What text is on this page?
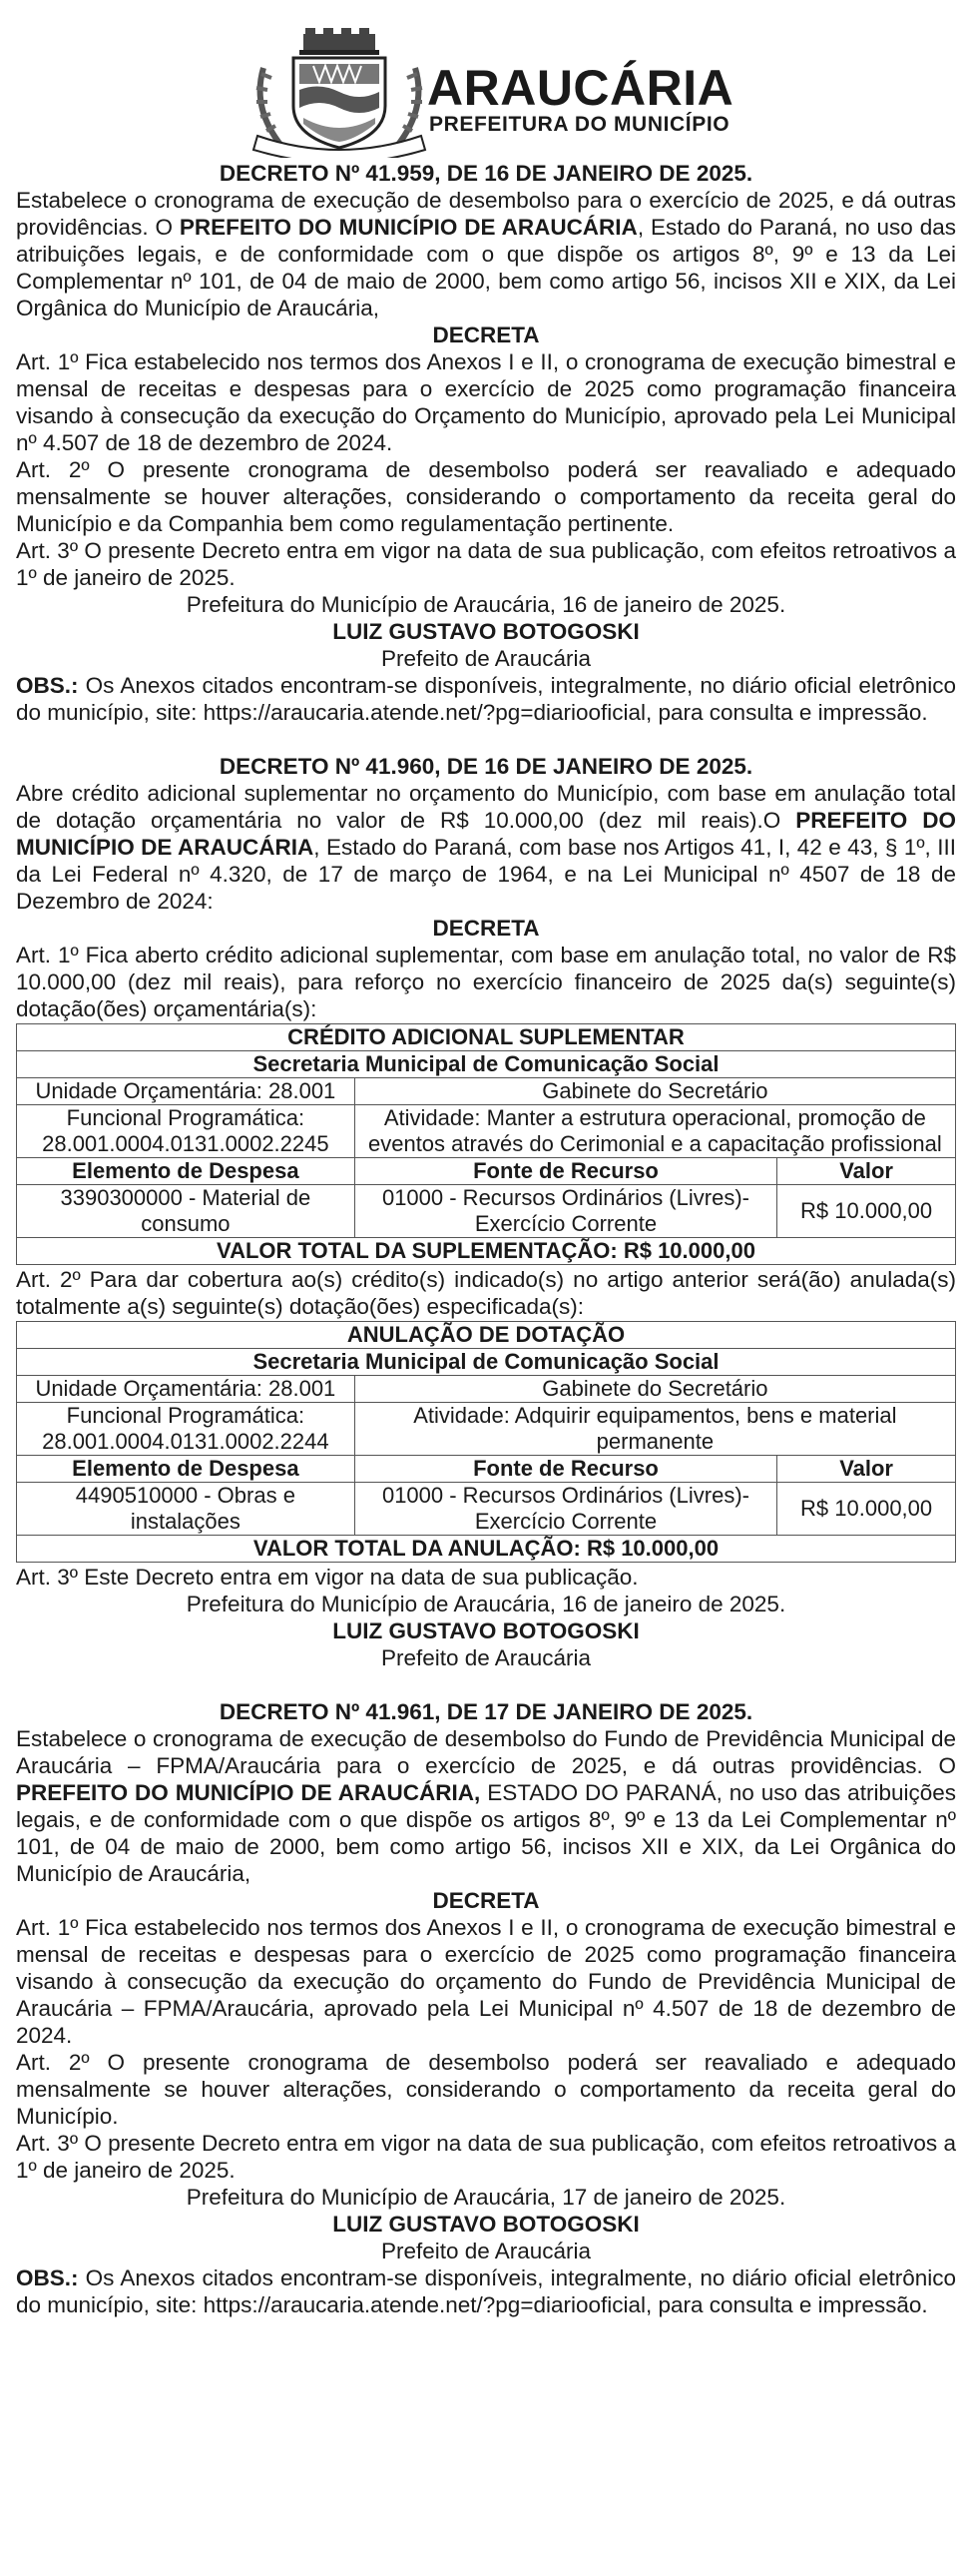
ARAUCÁRIA
PREFEITURA DO MUNICÍPIO

DECRETO Nº 41.959, DE 16 DE JANEIRO DE 2025.

Estabelece o cronograma de execução de desembolso para o exercício de 2025, e dá outras providências. O PREFEITO DO MUNICÍPIO DE ARAUCÁRIA, Estado do Paraná, no uso das atribuições legais, e de conformidade com o que dispõe os artigos 8º, 9º e 13 da Lei Complementar nº 101, de 04 de maio de 2000, bem como artigo 56, incisos XII e XIX, da Lei Orgânica do Município de Araucária,

DECRETA

Art. 1º Fica estabelecido nos termos dos Anexos I e II, o cronograma de execução bimestral e mensal de receitas e despesas para o exercício de 2025 como programação financeira visando à consecução da execução do Orçamento do Município, aprovado pela Lei Municipal nº 4.507 de 18 de dezembro de 2024.

Art. 2º O presente cronograma de desembolso poderá ser reavaliado e adequado mensalmente se houver alterações, considerando o comportamento da receita geral do Município e da Companhia bem como regulamentação pertinente.

Art. 3º O presente Decreto entra em vigor na data de sua publicação, com efeitos retroativos a 1º de janeiro de 2025.

Prefeitura do Município de Araucária, 16 de janeiro de 2025.

LUIZ GUSTAVO BOTOGOSKI

Prefeito de Araucária

OBS.: Os Anexos citados encontram-se disponíveis, integralmente, no diário oficial eletrônico do município, site: https://araucaria.atende.net/?pg=diariooficial, para consulta e impressão.

DECRETO Nº 41.960, DE 16 DE JANEIRO DE 2025.

Abre crédito adicional suplementar no orçamento do Município, com base em anulação total de dotação orçamentária no valor de R$ 10.000,00 (dez mil reais).O PREFEITO DO MUNICÍPIO DE ARAUCÁRIA, Estado do Paraná, com base nos Artigos 41, I, 42 e 43, § 1º, III da Lei Federal nº 4.320, de 17 de março de 1964, e na Lei Municipal nº 4507 de 18 de Dezembro de 2024:

DECRETA

Art. 1º Fica aberto crédito adicional suplementar, com base em anulação total, no valor de R$ 10.000,00 (dez mil reais), para reforço no exercício financeiro de 2025 da(s) seguinte(s) dotação(ões) orçamentária(s):

CRÉDITO ADICIONAL SUPLEMENTAR		
Secretaria Municipal de Comunicação Social		
Unidade Orçamentária: 28.001	Gabinete do Secretário	
Funcional Programática: 28.001.0004.0131.0002.2245	Atividade: Manter a estrutura operacional, promoção de eventos através do Cerimonial e a capacitação profissional	
Elemento de Despesa	Fonte de Recurso	Valor
3390300000 - Material de consumo	01000 - Recursos Ordinários (Livres)- Exercício Corrente	R$ 10.000,00
VALOR TOTAL DA SUPLEMENTAÇÃO: R$ 10.000,00		

Art. 2º Para dar cobertura ao(s) crédito(s) indicado(s) no artigo anterior será(ão) anulada(s) totalmente a(s) seguinte(s) dotação(ões) especificada(s):

ANULAÇÃO DE DOTAÇÃO		
Secretaria Municipal de Comunicação Social		
Unidade Orçamentária: 28.001	Gabinete do Secretário	
Funcional Programática: 28.001.0004.0131.0002.2244	Atividade: Adquirir equipamentos, bens e material permanente	
Elemento de Despesa	Fonte de Recurso	Valor
4490510000 - Obras e instalações	01000 - Recursos Ordinários (Livres)- Exercício Corrente	R$ 10.000,00
VALOR TOTAL DA ANULAÇÃO: R$ 10.000,00		

Art. 3º Este Decreto entra em vigor na data de sua publicação.

Prefeitura do Município de Araucária, 16 de janeiro de 2025.

LUIZ GUSTAVO BOTOGOSKI

Prefeito de Araucária

DECRETO Nº 41.961, DE 17 DE JANEIRO DE 2025.

Estabelece o cronograma de execução de desembolso do Fundo de Previdência Municipal de Araucária – FPMA/Araucária para o exercício de 2025, e dá outras providências. O PREFEITO DO MUNICÍPIO DE ARAUCÁRIA, ESTADO DO PARANÁ, no uso das atribuições legais, e de conformidade com o que dispõe os artigos 8º, 9º e 13 da Lei Complementar nº 101, de 04 de maio de 2000, bem como artigo 56, incisos XII e XIX, da Lei Orgânica do Município de Araucária,

DECRETA

Art. 1º Fica estabelecido nos termos dos Anexos I e II, o cronograma de execução bimestral e mensal de receitas e despesas para o exercício de 2025 como programação financeira visando à consecução da execução do orçamento do Fundo de Previdência Municipal de Araucária – FPMA/Araucária, aprovado pela Lei Municipal nº 4.507 de 18 de dezembro de 2024.

Art. 2º O presente cronograma de desembolso poderá ser reavaliado e adequado mensalmente se houver alterações, considerando o comportamento da receita geral do Município.

Art. 3º O presente Decreto entra em vigor na data de sua publicação, com efeitos retroativos a 1º de janeiro de 2025.

Prefeitura do Município de Araucária, 17 de janeiro de 2025.

LUIZ GUSTAVO BOTOGOSKI

Prefeito de Araucária

OBS.: Os Anexos citados encontram-se disponíveis, integralmente, no diário oficial eletrônico do município, site: https://araucaria.atende.net/?pg=diariooficial, para consulta e impressão.
